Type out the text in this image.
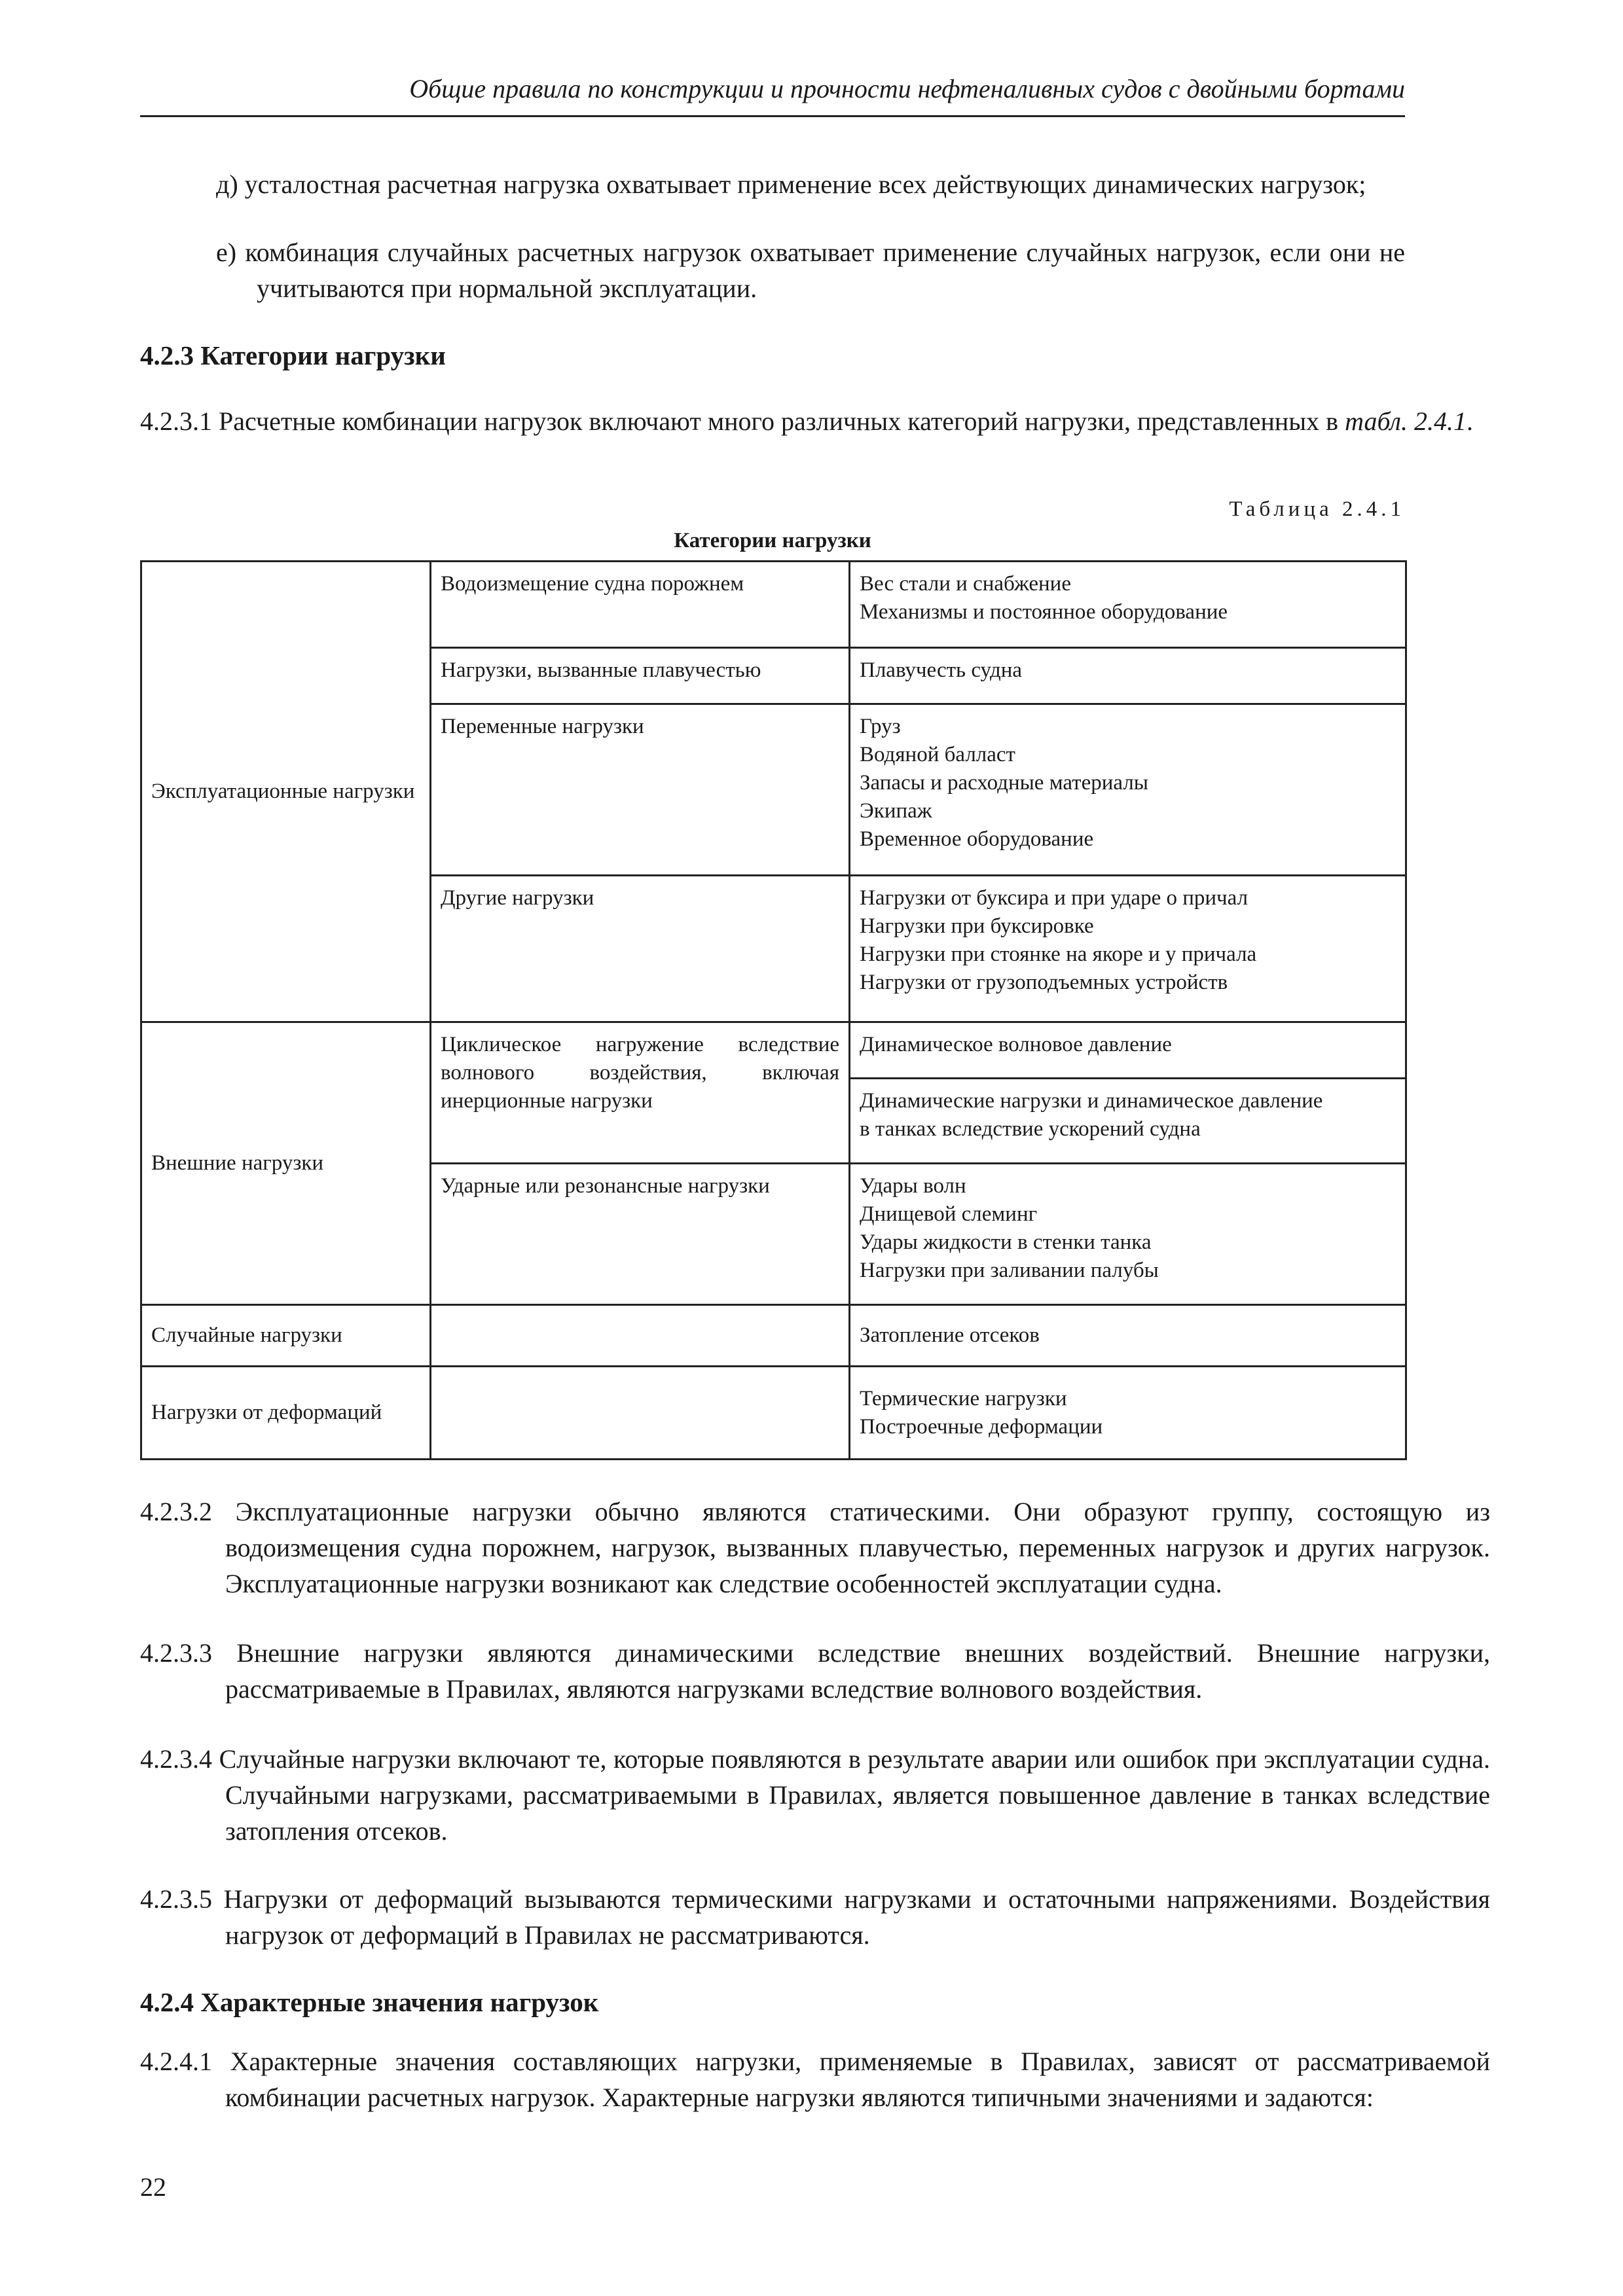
Общие правила по конструкции и прочности нефтеналивных судов с двойными бортами
д) усталостная расчетная нагрузка охватывает применение всех действующих динамических нагрузок;
е) комбинация случайных расчетных нагрузок охватывает применение случайных нагрузок, если они не учитываются при нормальной эксплуатации.
4.2.3 Категории нагрузки
4.2.3.1 Расчетные комбинации нагрузок включают много различных категорий нагрузки, представленных в табл. 2.4.1.
Таблица 2.4.1
Категории нагрузки
Эксплуатационные нагрузки	Водоизмещение судна порожнем	Вес стали и снабжение
Механизмы и постоянное оборудование

	Нагрузки, вызванные плавучестью	Плавучесть судна

	Переменные нагрузки	Груз
Водяной балласт
Запасы и расходные материалы
Экипаж
Временное оборудование

	Другие нагрузки	Нагрузки от буксира и при ударе о причал
Нагрузки при буксировке
Нагрузки при стоянке на якоре и у причала
Нагрузки от грузоподъемных устройств

Внешние нагрузки	Циклическое нагружение вследствие волнового воздействия, включая инерционные нагрузки	Динамическое волновое давление

		Динамические нагрузки и динамическое давление
в танках вследствие ускорений судна

	Ударные или резонансные нагрузки	Удары волн
Днищевой слеминг
Удары жидкости в стенки танка
Нагрузки при заливании палубы

Случайные нагрузки		Затопление отсеков

Нагрузки от деформаций		Термические нагрузки
Построечные деформации
4.2.3.2 Эксплуатационные нагрузки обычно являются статическими. Они образуют группу, состоящую из водоизмещения судна порожнем, нагрузок, вызванных плавучестью, переменных нагрузок и других нагрузок. Эксплуатационные нагрузки возникают как следствие особенностей эксплуатации судна.
4.2.3.3 Внешние нагрузки являются динамическими вследствие внешних воздействий. Внешние нагрузки, рассматриваемые в Правилах, являются нагрузками вследствие волнового воздействия.
4.2.3.4 Случайные нагрузки включают те, которые появляются в результате аварии или ошибок при эксплуатации судна. Случайными нагрузками, рассматриваемыми в Правилах, является повышенное давление в танках вследствие затопления отсеков.
4.2.3.5 Нагрузки от деформаций вызываются термическими нагрузками и остаточными напряжениями. Воздействия нагрузок от деформаций в Правилах не рассматриваются.
4.2.4 Характерные значения нагрузок
4.2.4.1 Характерные значения составляющих нагрузки, применяемые в Правилах, зависят от рассматриваемой комбинации расчетных нагрузок. Характерные нагрузки являются типичными значениями и задаются:
22
